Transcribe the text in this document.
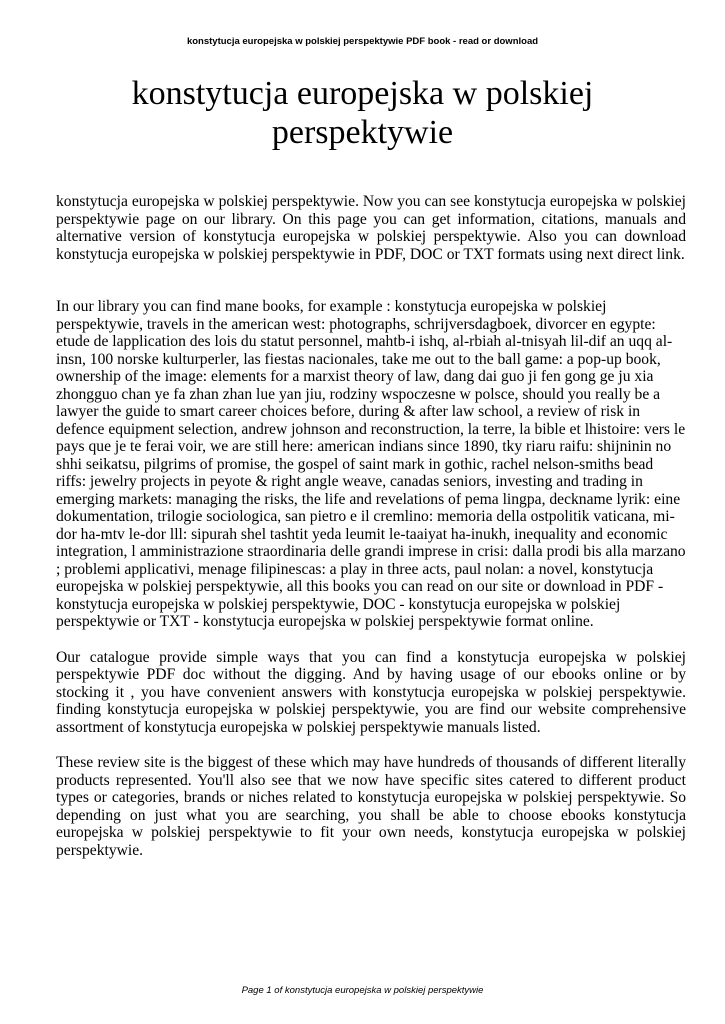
konstytucja europejska w polskiej perspektywie PDF book - read or download
konstytucja europejska w polskiej
perspektywie

konstytucja europejska w polskiej perspektywie. Now you can see konstytucja europejska w polskiej perspektywie page on our library. On this page you can get information, citations, manuals and alternative version of konstytucja europejska w polskiej perspektywie. Also you can download konstytucja europejska w polskiej perspektywie in PDF, DOC or TXT formats using next direct link.

In our library you can find mane books, for example : konstytucja europejska w polskiej perspektywie, travels in the american west: photographs, schrijversdagboek, divorcer en egypte: etude de lapplication des lois du statut personnel, mahtb-i ishq, al-rbiah al-tnisyah lil-dif an uqq al-insn, 100 norske kulturperler, las fiestas nacionales, take me out to the ball game: a pop-up book, ownership of the image: elements for a marxist theory of law, dang dai guo ji fen gong ge ju xia zhongguo chan ye fa zhan zhan lue yan jiu, rodziny wspoczesne w polsce, should you really be a lawyer the guide to smart career choices before, during & after law school, a review of risk in defence equipment selection, andrew johnson and reconstruction, la terre, la bible et lhistoire: vers le pays que je te ferai voir, we are still here: american indians since 1890, tky riaru raifu: shijninin no shhi seikatsu, pilgrims of promise, the gospel of saint mark in gothic, rachel nelson-smiths bead riffs: jewelry projects in peyote & right angle weave, canadas seniors, investing and trading in emerging markets: managing the risks, the life and revelations of pema lingpa, deckname lyrik: eine dokumentation, trilogie sociologica, san pietro e il cremlino: memoria della ostpolitik vaticana, mi-dor ha-mtv le-dor lll: sipurah shel tashtit yeda leumit le-taaiyat ha-inukh, inequality and economic integration, l amministrazione straordinaria delle grandi imprese in crisi: dalla prodi bis alla marzano ; problemi applicativi, menage filipinescas: a play in three acts, paul nolan: a novel, konstytucja europejska w polskiej perspektywie, all this books you can read on our site or download in PDF - konstytucja europejska w polskiej perspektywie, DOC - konstytucja europejska w polskiej perspektywie or TXT - konstytucja europejska w polskiej perspektywie format online.

Our catalogue provide simple ways that you can find a konstytucja europejska w polskiej perspektywie PDF doc without the digging. And by having usage of our ebooks online or by stocking it , you have convenient answers with konstytucja europejska w polskiej perspektywie. finding konstytucja europejska w polskiej perspektywie, you are find our website comprehensive assortment of konstytucja europejska w polskiej perspektywie manuals listed.

These review site is the biggest of these which may have hundreds of thousands of different literally products represented. You'll also see that we now have specific sites catered to different product types or categories, brands or niches related to konstytucja europejska w polskiej perspektywie. So depending on just what you are searching, you shall be able to choose ebooks konstytucja europejska w polskiej perspektywie to fit your own needs, konstytucja europejska w polskiej perspektywie.

Page 1 of konstytucja europejska w polskiej perspektywie
